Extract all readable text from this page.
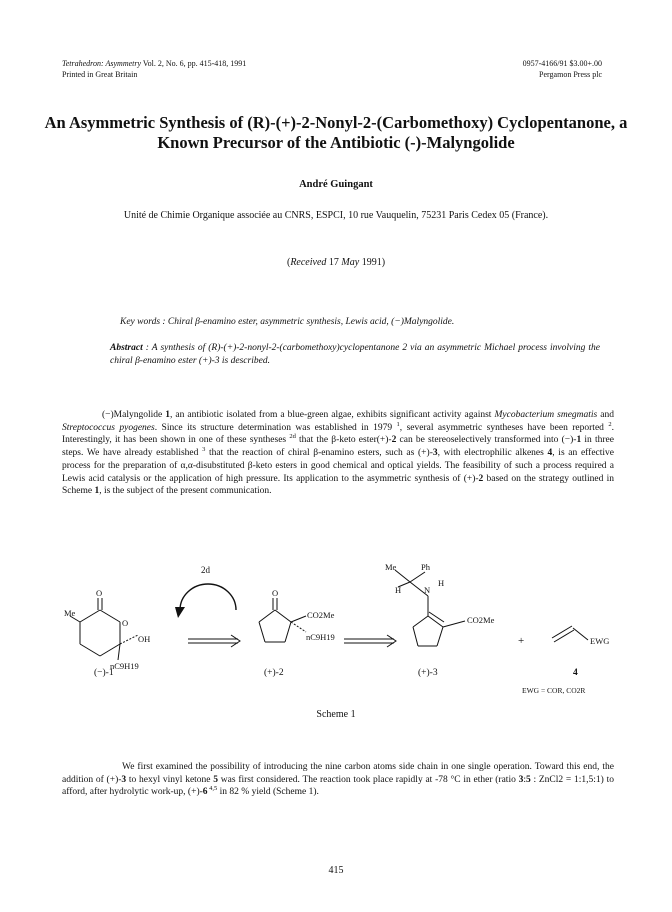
Tetrahedron: Asymmetry Vol. 2, No. 6, pp. 415-418, 1991
Printed in Great Britain
0957-4166/91 $3.00+.00
Pergamon Press plc
An Asymmetric Synthesis of (R)-(+)-2-Nonyl-2-(Carbomethoxy) Cyclopentanone, a Known Precursor of the Antibiotic (-)-Malyngolide
André Guingant
Unité de Chimie Organique associée au CNRS, ESPCI, 10 rue Vauquelin, 75231 Paris Cedex 05 (France).
(Received 17 May 1991)
Key words : Chiral β-enamino ester, asymmetric synthesis, Lewis acid, (−)Malyngolide.
Abstract : A synthesis of (R)-(+)-2-nonyl-2-(carbomethoxy)cyclopentanone 2 via an asymmetric Michael process involving the chiral β-enamino ester (+)-3 is described.
(−)Malyngolide 1, an antibiotic isolated from a blue-green algae, exhibits significant activity against Mycobacterium smegmatis and Streptococcus pyogenes. Since its structure determination was established in 1979 $^1$, several asymmetric syntheses have been reported $^2$. Interestingly, it has been shown in one of these syntheses $^{2d}$ that the β-keto ester(+)-2 can be stereoselectively transformed into (−)-1 in three steps. We have already established $^3$ that the reaction of chiral β-enamino esters, such as (+)-3, with electrophilic alkenes 4, is an effective process for the preparation of α,α-disubstituted β-keto esters in good chemical and optical yields. The feasibility of such a process required a Lewis acid catalysis or the application of high pressure. Its application to the asymmetric synthesis of (+)-2 based on the strategy outlined in Scheme 1, is the subject of the present communication.
2d
Me
O
O
OH
nC9H19
O
CO2Me
nC9H19
Me	Ph
H	N
H
CO2Me
+	EWG
(−)-1	(+)-2	(+)-3	4
EWG = COR, CO2R
Scheme 1
We first examined the possibility of introducing the nine carbon atoms side chain in one single operation. Toward this end, the addition of (+)-3 to hexyl vinyl ketone 5 was first considered. The reaction took place rapidly at -78 °C in ether (ratio 3:5 : ZnCl2 = 1:1,5:1) to afford, after hydrolytic work-up, (+)-6 $^{4,5}$ in 82 % yield (Scheme 1).
415
